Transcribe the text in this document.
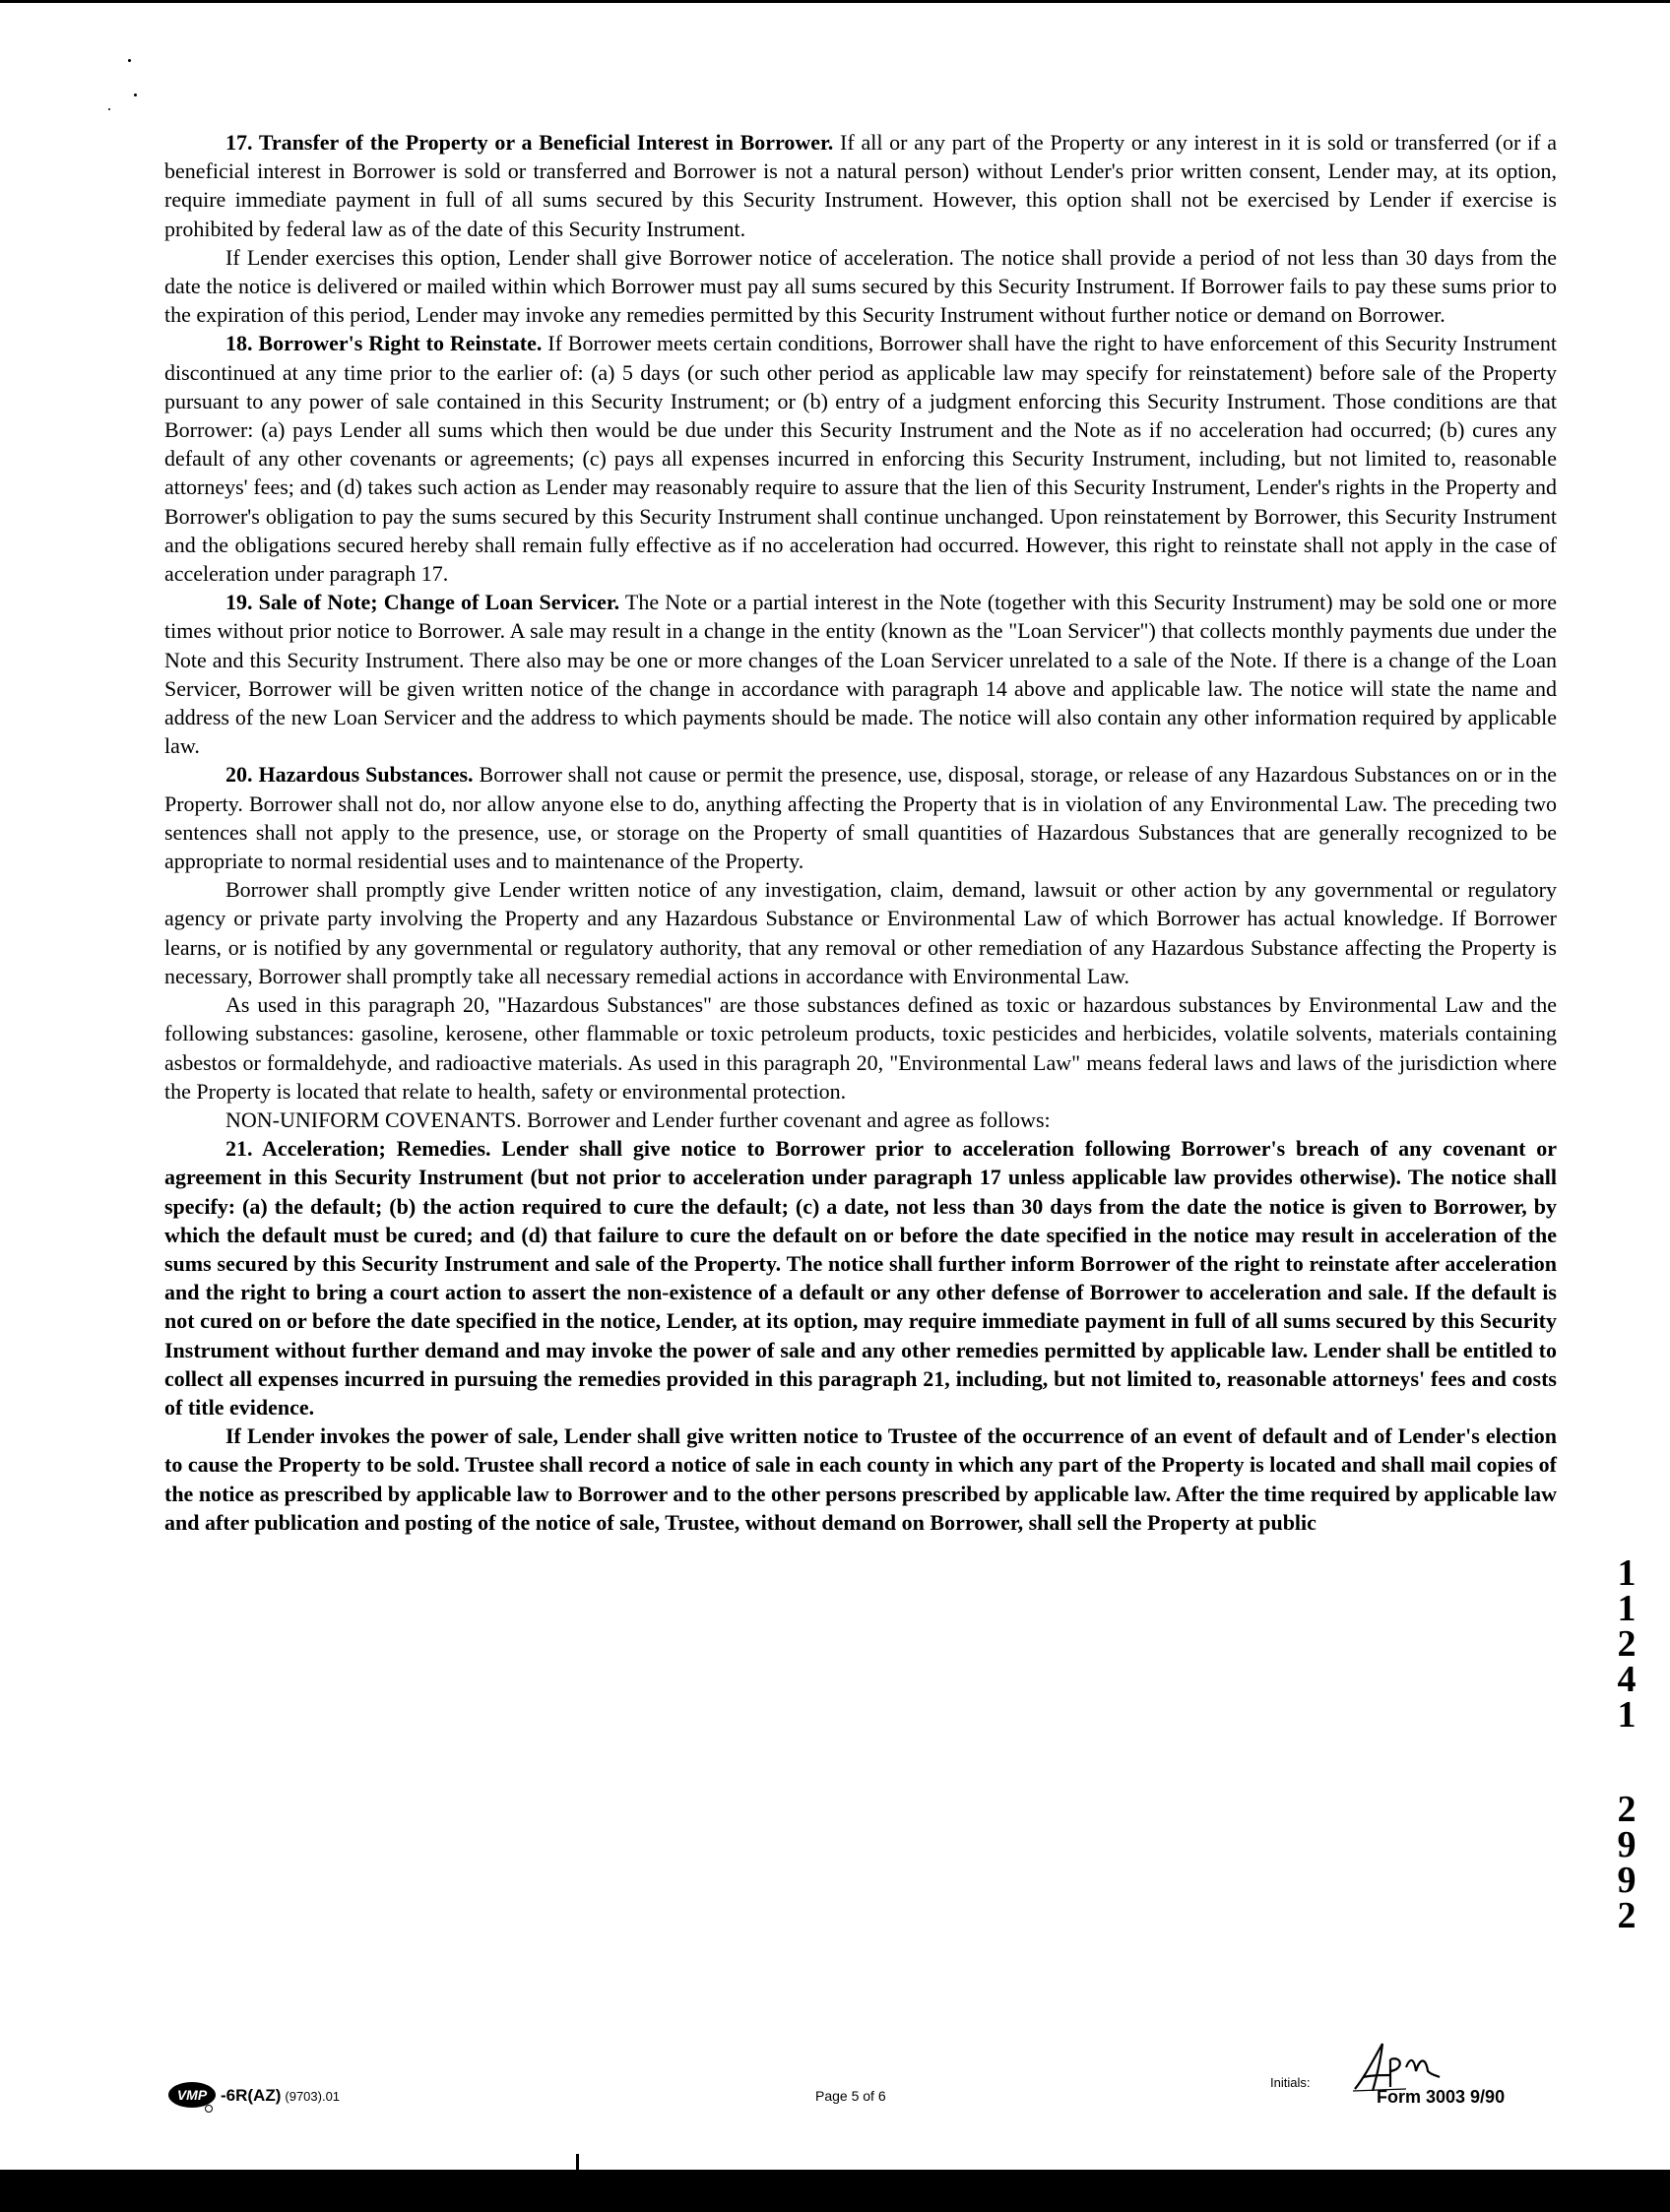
17. Transfer of the Property or a Beneficial Interest in Borrower. If all or any part of the Property or any interest in it is sold or transferred (or if a beneficial interest in Borrower is sold or transferred and Borrower is not a natural person) without Lender's prior written consent, Lender may, at its option, require immediate payment in full of all sums secured by this Security Instrument. However, this option shall not be exercised by Lender if exercise is prohibited by federal law as of the date of this Security Instrument.

If Lender exercises this option, Lender shall give Borrower notice of acceleration. The notice shall provide a period of not less than 30 days from the date the notice is delivered or mailed within which Borrower must pay all sums secured by this Security Instrument. If Borrower fails to pay these sums prior to the expiration of this period, Lender may invoke any remedies permitted by this Security Instrument without further notice or demand on Borrower.

18. Borrower's Right to Reinstate. If Borrower meets certain conditions, Borrower shall have the right to have enforcement of this Security Instrument discontinued at any time prior to the earlier of: (a) 5 days (or such other period as applicable law may specify for reinstatement) before sale of the Property pursuant to any power of sale contained in this Security Instrument; or (b) entry of a judgment enforcing this Security Instrument. Those conditions are that Borrower: (a) pays Lender all sums which then would be due under this Security Instrument and the Note as if no acceleration had occurred; (b) cures any default of any other covenants or agreements; (c) pays all expenses incurred in enforcing this Security Instrument, including, but not limited to, reasonable attorneys' fees; and (d) takes such action as Lender may reasonably require to assure that the lien of this Security Instrument, Lender's rights in the Property and Borrower's obligation to pay the sums secured by this Security Instrument shall continue unchanged. Upon reinstatement by Borrower, this Security Instrument and the obligations secured hereby shall remain fully effective as if no acceleration had occurred. However, this right to reinstate shall not apply in the case of acceleration under paragraph 17.

19. Sale of Note; Change of Loan Servicer. The Note or a partial interest in the Note (together with this Security Instrument) may be sold one or more times without prior notice to Borrower. A sale may result in a change in the entity (known as the "Loan Servicer") that collects monthly payments due under the Note and this Security Instrument. There also may be one or more changes of the Loan Servicer unrelated to a sale of the Note. If there is a change of the Loan Servicer, Borrower will be given written notice of the change in accordance with paragraph 14 above and applicable law. The notice will state the name and address of the new Loan Servicer and the address to which payments should be made. The notice will also contain any other information required by applicable law.

20. Hazardous Substances. Borrower shall not cause or permit the presence, use, disposal, storage, or release of any Hazardous Substances on or in the Property. Borrower shall not do, nor allow anyone else to do, anything affecting the Property that is in violation of any Environmental Law. The preceding two sentences shall not apply to the presence, use, or storage on the Property of small quantities of Hazardous Substances that are generally recognized to be appropriate to normal residential uses and to maintenance of the Property.

Borrower shall promptly give Lender written notice of any investigation, claim, demand, lawsuit or other action by any governmental or regulatory agency or private party involving the Property and any Hazardous Substance or Environmental Law of which Borrower has actual knowledge. If Borrower learns, or is notified by any governmental or regulatory authority, that any removal or other remediation of any Hazardous Substance affecting the Property is necessary, Borrower shall promptly take all necessary remedial actions in accordance with Environmental Law.

As used in this paragraph 20, "Hazardous Substances" are those substances defined as toxic or hazardous substances by Environmental Law and the following substances: gasoline, kerosene, other flammable or toxic petroleum products, toxic pesticides and herbicides, volatile solvents, materials containing asbestos or formaldehyde, and radioactive materials. As used in this paragraph 20, "Environmental Law" means federal laws and laws of the jurisdiction where the Property is located that relate to health, safety or environmental protection.

NON-UNIFORM COVENANTS. Borrower and Lender further covenant and agree as follows:

21. Acceleration; Remedies. Lender shall give notice to Borrower prior to acceleration following Borrower's breach of any covenant or agreement in this Security Instrument (but not prior to acceleration under paragraph 17 unless applicable law provides otherwise). The notice shall specify: (a) the default; (b) the action required to cure the default; (c) a date, not less than 30 days from the date the notice is given to Borrower, by which the default must be cured; and (d) that failure to cure the default on or before the date specified in the notice may result in acceleration of the sums secured by this Security Instrument and sale of the Property. The notice shall further inform Borrower of the right to reinstate after acceleration and the right to bring a court action to assert the non-existence of a default or any other defense of Borrower to acceleration and sale. If the default is not cured on or before the date specified in the notice, Lender, at its option, may require immediate payment in full of all sums secured by this Security Instrument without further demand and may invoke the power of sale and any other remedies permitted by applicable law. Lender shall be entitled to collect all expenses incurred in pursuing the remedies provided in this paragraph 21, including, but not limited to, reasonable attorneys' fees and costs of title evidence.

If Lender invokes the power of sale, Lender shall give written notice to Trustee of the occurrence of an event of default and of Lender's election to cause the Property to be sold. Trustee shall record a notice of sale in each county in which any part of the Property is located and shall mail copies of the notice as prescribed by applicable law to Borrower and to the other persons prescribed by applicable law. After the time required by applicable law and after publication and posting of the notice of sale, Trustee, without demand on Borrower, shall sell the Property at public

1
1
2
4
1
2
9
9
2
VMP -6R(AZ) (9703).01	Page 5 of 6
Initials:
Form 3003 9/90
